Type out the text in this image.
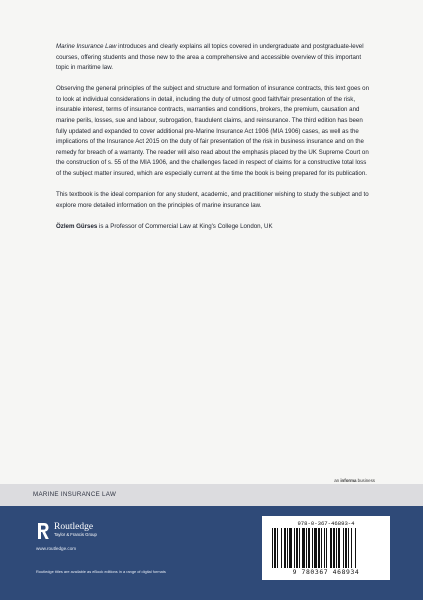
Marine Insurance Law introduces and clearly explains all topics covered in undergraduate and postgraduate-level courses, offering students and those new to the area a comprehensive and accessible overview of this important topic in maritime law.

Observing the general principles of the subject and structure and formation of insurance contracts, this text goes on to look at individual considerations in detail, including the duty of utmost good faith/fair presentation of the risk, insurable interest, terms of insurance contracts, warranties and conditions, brokers, the premium, causation and marine perils, losses, sue and labour, subrogation, fraudulent claims, and reinsurance. The third edition has been fully updated and expanded to cover additional pre-Marine Insurance Act 1906 (MIA 1906) cases, as well as the implications of the Insurance Act 2015 on the duty of fair presentation of the risk in business insurance and on the remedy for breach of a warranty. The reader will also read about the emphasis placed by the UK Supreme Court on the construction of s. 55 of the MIA 1906, and the challenges faced in respect of claims for a constructive total loss of the subject matter insured, which are especially current at the time the book is being prepared for its publication.

This textbook is the ideal companion for any student, academic, and practitioner wishing to study the subject and to explore more detailed information on the principles of marine insurance law.

Özlem Gürses is a Professor of Commercial Law at King's College London, UK

an informa business
MARINE INSURANCE LAW
Routledge
Taylor & Francis Group
www.routledge.com
Routledge titles are available as eBook editions in a range of digital formats
978-0-367-46893-4
9 780367 468934
